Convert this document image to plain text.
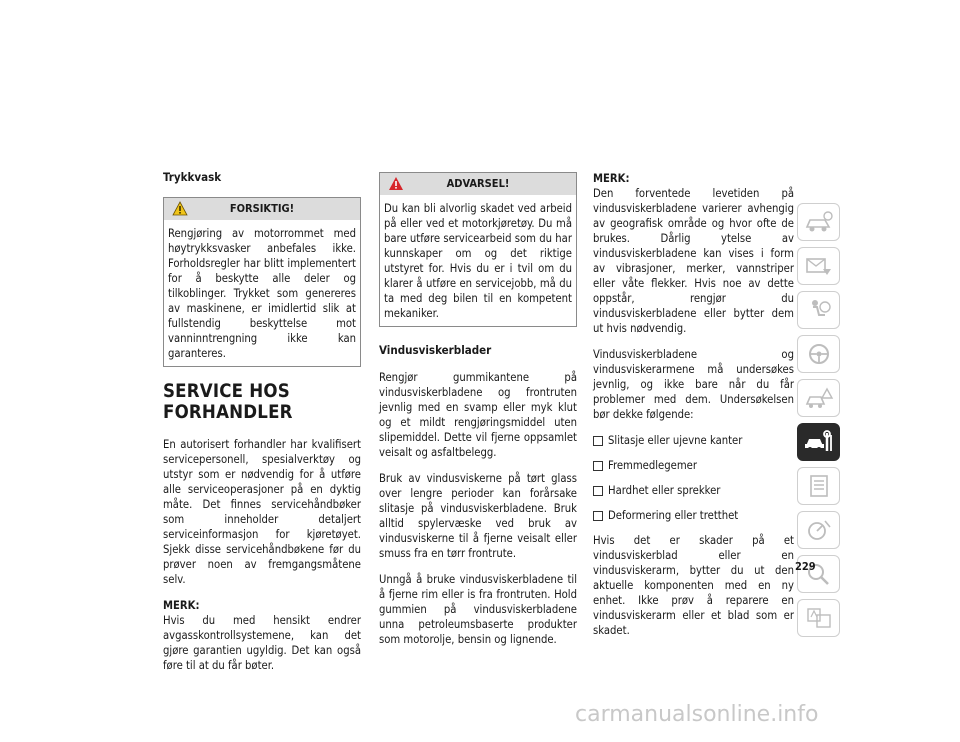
Trykkvask
FORSIKTIG!
Rengjøring av motorrommet med høytrykksvasker anbefales ikke. Forholdsregler har blitt implementert for å beskytte alle deler og tilkoblinger. Trykket som genereres av maskinene, er imidlertid slik at fullstendig beskyttelse mot vanninntrengning ikke kan garanteres.
SERVICE HOS
FORHANDLER

En autorisert forhandler har kvalifisert servicepersonell, spesialverktøy og utstyr som er nødvendig for å utføre alle serviceoperasjoner på en dyktig måte. Det finnes servicehåndbøker som inneholder detaljert serviceinformasjon for kjøretøyet. Sjekk disse servicehåndbøkene før du prøver noen av fremgangsmåtene selv.

MERK:
Hvis du med hensikt endrer avgasskontrollsystemene, kan det gjøre garantien ugyldig. Det kan også føre til at du får bøter.

ADVARSEL!
Du kan bli alvorlig skadet ved arbeid på eller ved et motorkjøretøy. Du må bare utføre servicearbeid som du har kunnskaper om og det riktige utstyret for. Hvis du er i tvil om du klarer å utføre en servicejobb, må du ta med deg bilen til en kompetent mekaniker.
Vindusviskerblader

Rengjør gummikantene på vindusviskerbladene og frontruten jevnlig med en svamp eller myk klut og et mildt rengjøringsmiddel uten slipemiddel. Dette vil fjerne oppsamlet veisalt og asfaltbelegg.

Bruk av vindusviskerne på tørt glass over lengre perioder kan forårsake slitasje på vindusviskerbladene. Bruk alltid spylervæske ved bruk av vindusviskerne til å fjerne veisalt eller smuss fra en tørr frontrute.

Unngå å bruke vindusviskerbladene til å fjerne rim eller is fra frontruten. Hold gummien på vindusviskerbladene unna petroleumsbaserte produkter som motorolje, bensin og lignende.

MERK:
Den forventede levetiden på vindusviskerbladene varierer avhengig av geografisk område og hvor ofte de brukes. Dårlig ytelse av vindusviskerbladene kan vises i form av vibrasjoner, merker, vannstriper eller våte flekker. Hvis noe av dette oppstår, rengjør du vindusviskerbladene eller bytter dem ut hvis nødvendig.

Vindusviskerbladene og vindusviskerarmene må undersøkes jevnlig, og ikke bare når du får problemer med dem. Undersøkelsen bør dekke følgende:

Slitasje eller ujevne kanter
Fremmedlegemer
Hardhet eller sprekker
Deformering eller tretthet

Hvis det er skader på et vindusviskerblad eller en vindusviskerarm, bytter du ut den aktuelle komponenten med en ny enhet. Ikke prøv å reparere en vindusviskerarm eller et blad som er skadet.

229
carmanualsonline.info
